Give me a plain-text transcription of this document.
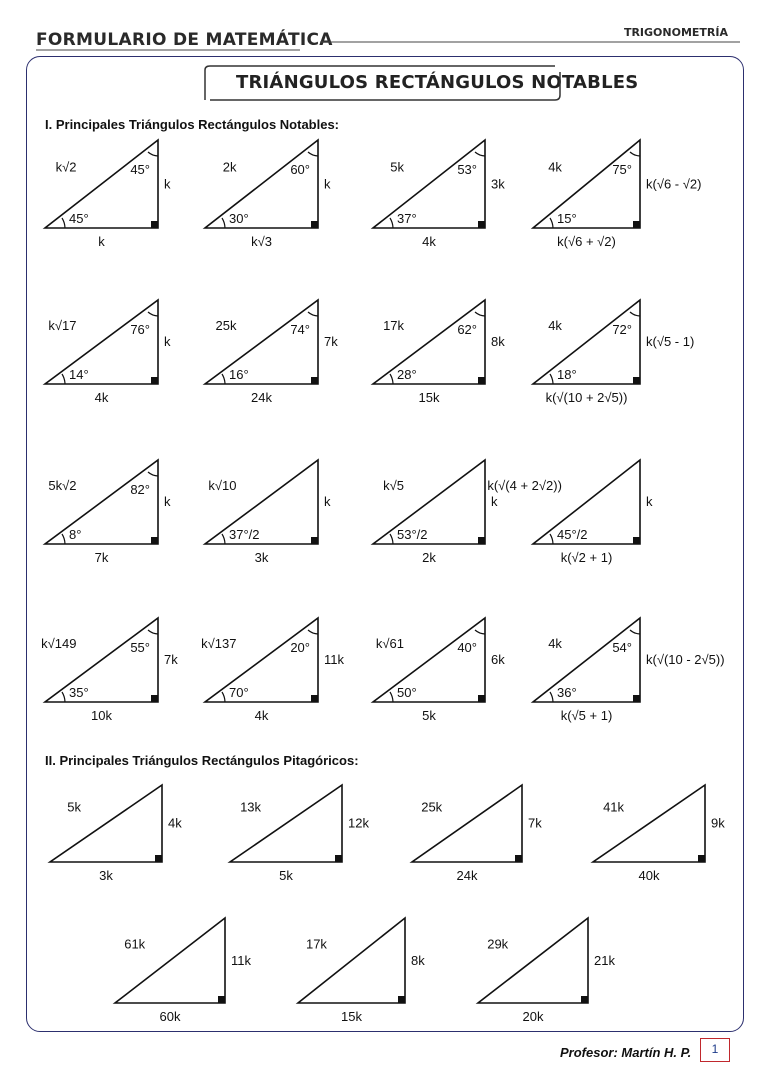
FORMULARIO DE MATEMÁTICA	TRIGONOMETRÍA
TRIÁNGULOS RECTÁNGULOS NOTABLES
I. Principales Triángulos Rectángulos Notables:
II. Principales Triángulos Rectángulos Pitagóricos:
k√2
k
k
45°
45°	2k
k
k√3
30°
60°	5k
3k
4k
37°
53°	4k
k(√6 - √2)
k(√6 + √2)
15°
75°
k√17
k
4k
14°
76°	25k
7k
24k
16°
74°	17k
8k
15k
28°
62°	4k
k(√5 - 1)
k(√(10 + 2√5))
18°
72°
5k√2
k
7k
8°
82°	k√10
k
3k
37°/2
k√5
k
2k
53°/2
k(√(4 + 2√2))
k
k(√2 + 1)
45°/2
k√149
7k
10k
35°
55°	k√137
11k
4k
70°
20°	k√61
6k
5k
50°
40°	4k
k(√(10 - 2√5))
k(√5 + 1)
36°
54°
5k
4k
3k
13k
12k
5k
25k
7k
24k
41k
9k
40k
61k
11k
60k
17k
8k
15k
29k
21k
20k
Profesor: Martín H. P.	1
